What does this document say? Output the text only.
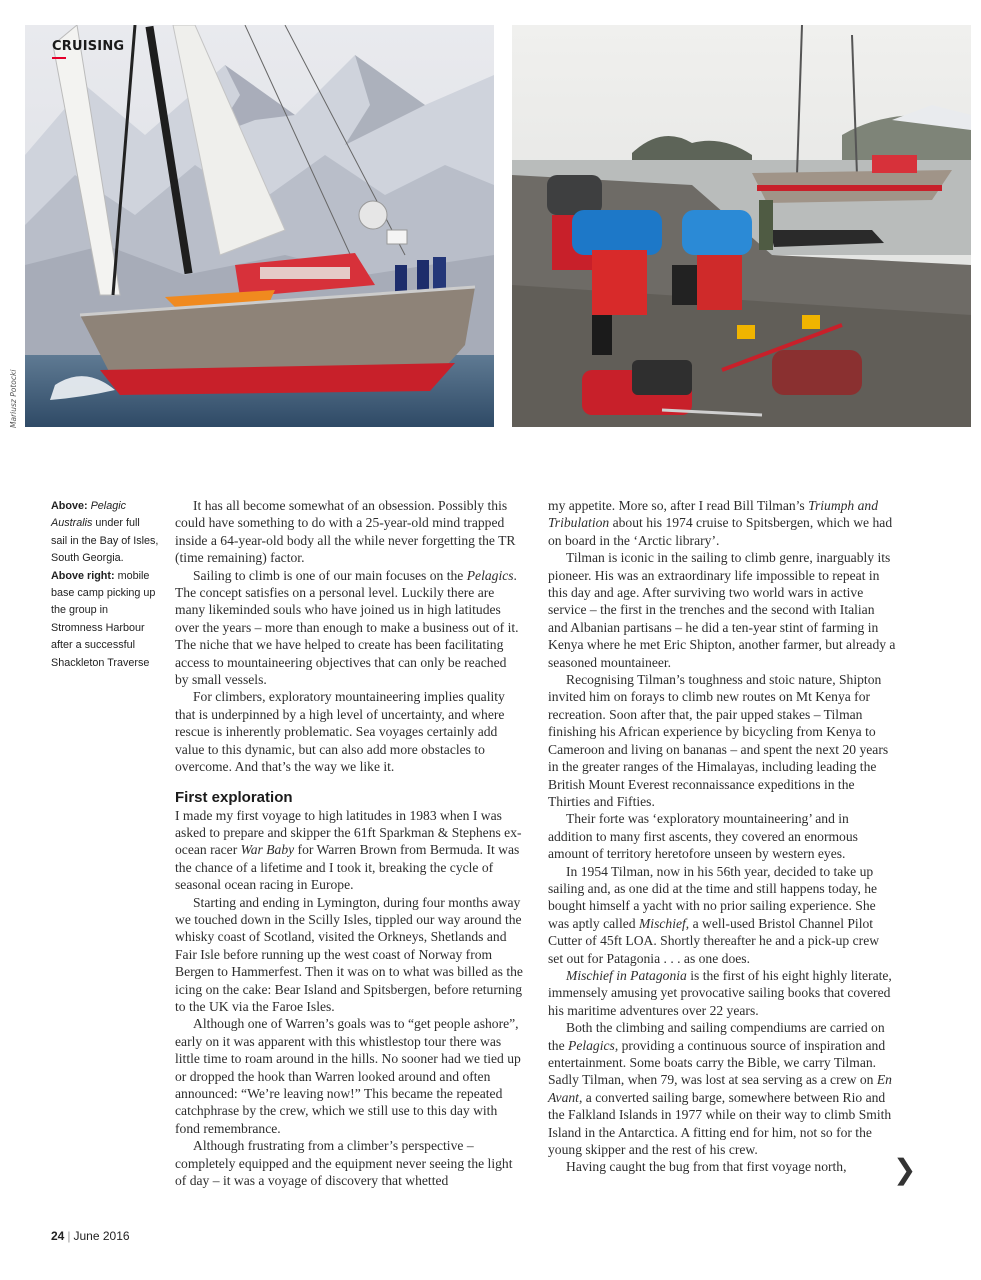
CRUISING
Mariusz Potocki
Above: Pelagic Australis under full sail in the Bay of Isles, South Georgia.
Above right: mobile base camp picking up the group in Stromness Harbour after a successful Shackleton Traverse

It has all become somewhat of an obsession. Possibly this could have something to do with a 25-year-old mind trapped inside a 64-year-old body all the while never forgetting the TR (time remaining) factor.

Sailing to climb is one of our main focuses on the Pelagics. The concept satisfies on a personal level. Luckily there are many likeminded souls who have joined us in high latitudes over the years – more than enough to make a business out of it. The niche that we have helped to create has been facilitating access to mountaineering objectives that can only be reached by small vessels.

For climbers, exploratory mountaineering implies quality that is underpinned by a high level of uncertainty, and where rescue is inherently problematic. Sea voyages certainly add value to this dynamic, but can also add more obstacles to overcome. And that’s the way we like it.

First exploration

I made my first voyage to high latitudes in 1983 when I was asked to prepare and skipper the 61ft Sparkman & Stephens ex-ocean racer War Baby for Warren Brown from Bermuda. It was the chance of a lifetime and I took it, breaking the cycle of seasonal ocean racing in Europe.

Starting and ending in Lymington, during four months away we touched down in the Scilly Isles, tippled our way around the whisky coast of Scotland, visited the Orkneys, Shetlands and Fair Isle before running up the west coast of Norway from Bergen to Hammerfest. Then it was on to what was billed as the icing on the cake: Bear Island and Spitsbergen, before returning to the UK via the Faroe Isles.

Although one of Warren’s goals was to “get people ashore”, early on it was apparent with this whistlestop tour there was little time to roam around in the hills. No sooner had we tied up or dropped the hook than Warren looked around and often announced: “We’re leaving now!” This became the repeated catchphrase by the crew, which we still use to this day with fond remembrance.

Although frustrating from a climber’s perspective – completely equipped and the equipment never seeing the light of day – it was a voyage of discovery that whetted

my appetite. More so, after I read Bill Tilman’s Triumph and Tribulation about his 1974 cruise to Spitsbergen, which we had on board in the ‘Arctic library’.

Tilman is iconic in the sailing to climb genre, inarguably its pioneer. His was an extraordinary life impossible to repeat in this day and age. After surviving two world wars in active service – the first in the trenches and the second with Italian and Albanian partisans – he did a ten-year stint of farming in Kenya where he met Eric Shipton, another farmer, but already a seasoned mountaineer.

Recognising Tilman’s toughness and stoic nature, Shipton invited him on forays to climb new routes on Mt Kenya for recreation. Soon after that, the pair upped stakes – Tilman finishing his African experience by bicycling from Kenya to Cameroon and living on bananas – and spent the next 20 years in the greater ranges of the Himalayas, including leading the British Mount Everest reconnaissance expeditions in the Thirties and Fifties.

Their forte was ‘exploratory mountaineering’ and in addition to many first ascents, they covered an enormous amount of territory heretofore unseen by western eyes.

In 1954 Tilman, now in his 56th year, decided to take up sailing and, as one did at the time and still happens today, he bought himself a yacht with no prior sailing experience. She was aptly called Mischief, a well-used Bristol Channel Pilot Cutter of 45ft LOA. Shortly thereafter he and a pick-up crew set out for Patagonia . . . as one does.

Mischief in Patagonia is the first of his eight highly literate, immensely amusing yet provocative sailing books that covered his maritime adventures over 22 years.

Both the climbing and sailing compendiums are carried on the Pelagics, providing a continuous source of inspiration and entertainment. Some boats carry the Bible, we carry Tilman. Sadly Tilman, when 79, was lost at sea serving as a crew on En Avant, a converted sailing barge, somewhere between Rio and the Falkland Islands in 1977 while on their way to climb Smith Island in the Antarctica. A fitting end for him, not so for the young skipper and the rest of his crew.

Having caught the bug from that first voyage north,	❯
24 | June 2016
